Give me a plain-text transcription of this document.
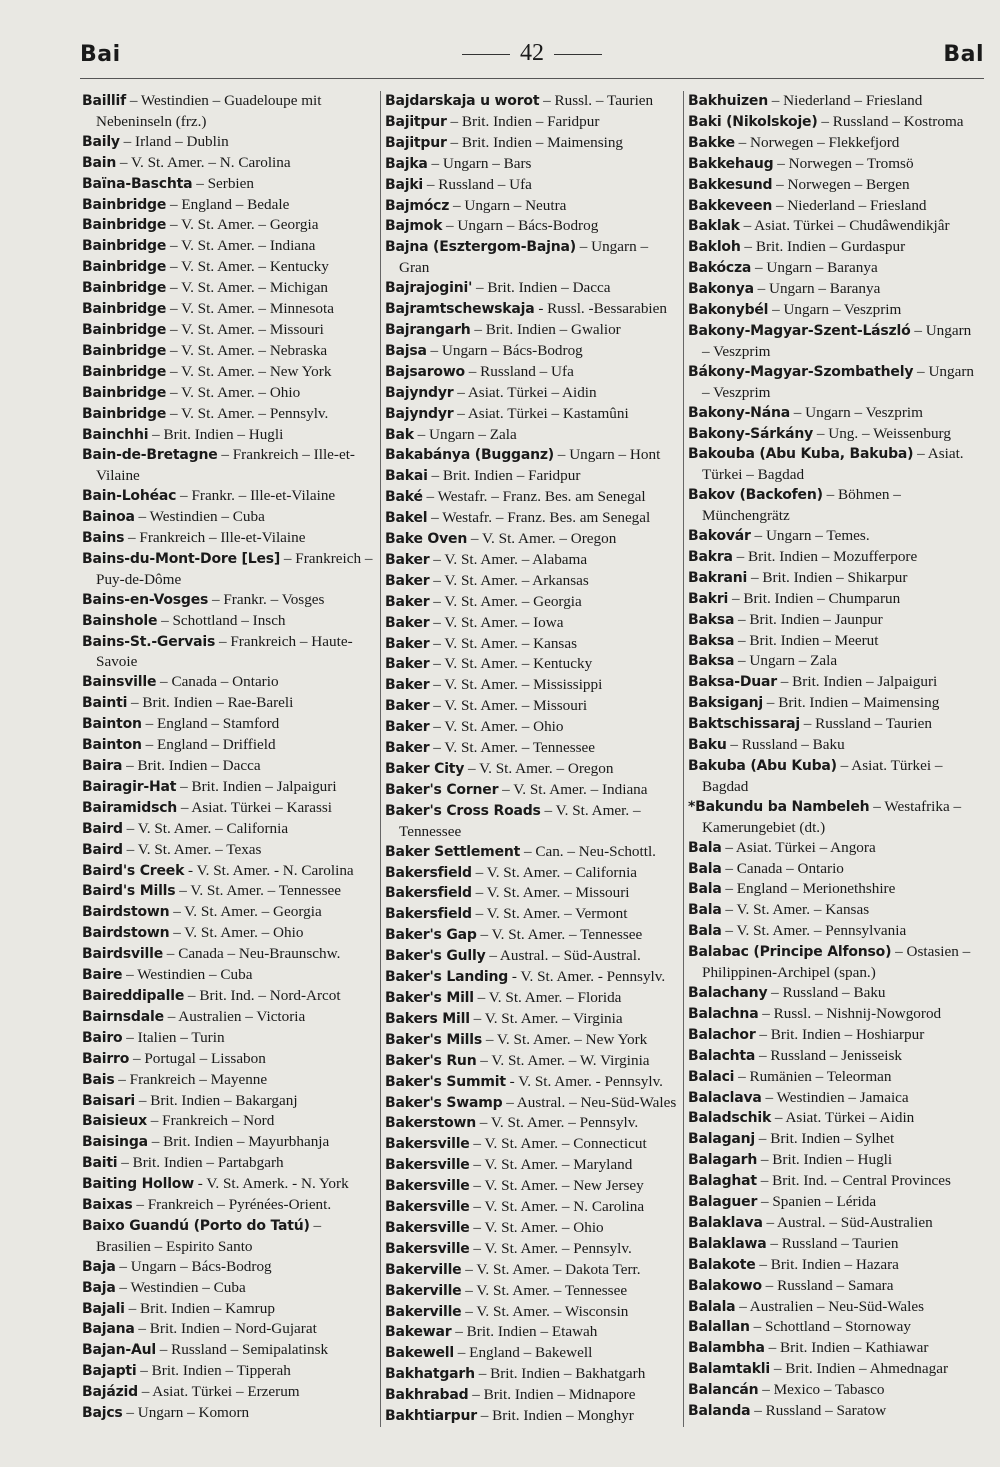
Bai	42	Bal
Baillif – Westindien – Guadeloupe mit Nebeninseln (frz.)
Baily – Irland – Dublin
Bain – V. St. Amer. – N. Carolina
Baïna-Baschta – Serbien
Bainbridge – England – Bedale
Bainbridge – V. St. Amer. – Georgia
Bainbridge – V. St. Amer. – Indiana
Bainbridge – V. St. Amer. – Kentucky
Bainbridge – V. St. Amer. – Michigan
Bainbridge – V. St. Amer. – Minnesota
Bainbridge – V. St. Amer. – Missouri
Bainbridge – V. St. Amer. – Nebraska
Bainbridge – V. St. Amer. – New York
Bainbridge – V. St. Amer. – Ohio
Bainbridge – V. St. Amer. – Pennsylv.
Bainchhi – Brit. Indien – Hugli
Bain-de-Bretagne – Frankreich – Ille-et-Vilaine
Bain-Lohéac – Frankr. – Ille-et-Vilaine
Bainoa – Westindien – Cuba
Bains – Frankreich – Ille-et-Vilaine
Bains-du-Mont-Dore [Les] – Frankreich – Puy-de-Dôme
Bains-en-Vosges – Frankr. – Vosges
Bainshole – Schottland – Insch
Bains-St.-Gervais – Frankreich – Haute-Savoie
Bainsville – Canada – Ontario
Bainti – Brit. Indien – Rae-Bareli
Bainton – England – Stamford
Bainton – England – Driffield
Baira – Brit. Indien – Dacca
Bairagir-Hat – Brit. Indien – Jalpaiguri
Bairamidsch – Asiat. Türkei – Karassi
Baird – V. St. Amer. – California
Baird – V. St. Amer. – Texas
Baird's Creek - V. St. Amer. - N. Carolina
Baird's Mills – V. St. Amer. – Tennessee
Bairdstown – V. St. Amer. – Georgia
Bairdstown – V. St. Amer. – Ohio
Bairdsville – Canada – Neu-Braunschw.
Baire – Westindien – Cuba
Baireddipalle – Brit. Ind. – Nord-Arcot
Bairnsdale – Australien – Victoria
Bairo – Italien – Turin
Bairro – Portugal – Lissabon
Bais – Frankreich – Mayenne
Baisari – Brit. Indien – Bakarganj
Baisieux – Frankreich – Nord
Baisinga – Brit. Indien – Mayurbhanja
Baiti – Brit. Indien – Partabgarh
Baiting Hollow - V. St. Amerk. - N. York
Baixas – Frankreich – Pyrénées-Orient.
Baixo Guandú (Porto do Tatú) – Brasilien – Espirito Santo
Baja – Ungarn – Bács-Bodrog
Baja – Westindien – Cuba
Bajali – Brit. Indien – Kamrup
Bajana – Brit. Indien – Nord-Gujarat
Bajan-Aul – Russland – Semipalatinsk
Bajapti – Brit. Indien – Tipperah
Bajázid – Asiat. Türkei – Erzerum
Bajcs – Ungarn – Komorn
Bajdarskaja u worot – Russl. – Taurien
Bajitpur – Brit. Indien – Faridpur
Bajitpur – Brit. Indien – Maimensing
Bajka – Ungarn – Bars
Bajki – Russland – Ufa
Bajmócz – Ungarn – Neutra
Bajmok – Ungarn – Bács-Bodrog
Bajna (Esztergom-Bajna) – Ungarn – Gran
Bajrajogini' – Brit. Indien – Dacca
Bajramtschewskaja - Russl. -Bessarabien
Bajrangarh – Brit. Indien – Gwalior
Bajsa – Ungarn – Bács-Bodrog
Bajsarowo – Russland – Ufa
Bajyndyr – Asiat. Türkei – Aidin
Bajyndyr – Asiat. Türkei – Kastamûni
Bak – Ungarn – Zala
Bakabánya (Bugganz) – Ungarn – Hont
Bakai – Brit. Indien – Faridpur
Baké – Westafr. – Franz. Bes. am Senegal
Bakel – Westafr. – Franz. Bes. am Senegal
Bake Oven – V. St. Amer. – Oregon
Baker – V. St. Amer. – Alabama
Baker – V. St. Amer. – Arkansas
Baker – V. St. Amer. – Georgia
Baker – V. St. Amer. – Iowa
Baker – V. St. Amer. – Kansas
Baker – V. St. Amer. – Kentucky
Baker – V. St. Amer. – Mississippi
Baker – V. St. Amer. – Missouri
Baker – V. St. Amer. – Ohio
Baker – V. St. Amer. – Tennessee
Baker City – V. St. Amer. – Oregon
Baker's Corner – V. St. Amer. – Indiana
Baker's Cross Roads – V. St. Amer. – Tennessee
Baker Settlement – Can. – Neu-Schottl.
Bakersfield – V. St. Amer. – California
Bakersfield – V. St. Amer. – Missouri
Bakersfield – V. St. Amer. – Vermont
Baker's Gap – V. St. Amer. – Tennessee
Baker's Gully – Austral. – Süd-Austral.
Baker's Landing - V. St. Amer. - Pennsylv.
Baker's Mill – V. St. Amer. – Florida
Bakers Mill – V. St. Amer. – Virginia
Baker's Mills – V. St. Amer. – New York
Baker's Run – V. St. Amer. – W. Virginia
Baker's Summit - V. St. Amer. - Pennsylv.
Baker's Swamp – Austral. – Neu-Süd-Wales
Bakerstown – V. St. Amer. – Pennsylv.
Bakersville – V. St. Amer. – Connecticut
Bakersville – V. St. Amer. – Maryland
Bakersville – V. St. Amer. – New Jersey
Bakersville – V. St. Amer. – N. Carolina
Bakersville – V. St. Amer. – Ohio
Bakersville – V. St. Amer. – Pennsylv.
Bakerville – V. St. Amer. – Dakota Terr.
Bakerville – V. St. Amer. – Tennessee
Bakerville – V. St. Amer. – Wisconsin
Bakewar – Brit. Indien – Etawah
Bakewell – England – Bakewell
Bakhatgarh – Brit. Indien – Bakhatgarh
Bakhrabad – Brit. Indien – Midnapore
Bakhtiarpur – Brit. Indien – Monghyr
Bakhuizen – Niederland – Friesland
Baki (Nikolskoje) – Russland – Kostroma
Bakke – Norwegen – Flekkefjord
Bakkehaug – Norwegen – Tromsö
Bakkesund – Norwegen – Bergen
Bakkeveen – Niederland – Friesland
Baklak – Asiat. Türkei – Chudâwendikjâr
Bakloh – Brit. Indien – Gurdaspur
Bakócza – Ungarn – Baranya
Bakonya – Ungarn – Baranya
Bakonybél – Ungarn – Veszprim
Bakony-Magyar-Szent-László – Ungarn – Veszprim
Bákony-Magyar-Szombathely – Ungarn – Veszprim
Bakony-Nána – Ungarn – Veszprim
Bakony-Sárkány – Ung. – Weissenburg
Bakouba (Abu Kuba, Bakuba) – Asiat. Türkei – Bagdad
Bakov (Backofen) – Böhmen – Münchengrätz
Bakovár – Ungarn – Temes.
Bakra – Brit. Indien – Mozufferpore
Bakrani – Brit. Indien – Shikarpur
Bakri – Brit. Indien – Chumparun
Baksa – Brit. Indien – Jaunpur
Baksa – Brit. Indien – Meerut
Baksa – Ungarn – Zala
Baksa-Duar – Brit. Indien – Jalpaiguri
Baksiganj – Brit. Indien – Maimensing
Baktschissaraj – Russland – Taurien
Baku – Russland – Baku
Bakuba (Abu Kuba) – Asiat. Türkei – Bagdad
*Bakundu ba Nambeleh – Westafrika – Kamerungebiet (dt.)
Bala – Asiat. Türkei – Angora
Bala – Canada – Ontario
Bala – England – Merionethshire
Bala – V. St. Amer. – Kansas
Bala – V. St. Amer. – Pennsylvania
Balabac (Principe Alfonso) – Ostasien – Philippinen-Archipel (span.)
Balachany – Russland – Baku
Balachna – Russl. – Nishnij-Nowgorod
Balachor – Brit. Indien – Hoshiarpur
Balachta – Russland – Jenisseisk
Balaci – Rumänien – Teleorman
Balaclava – Westindien – Jamaica
Baladschik – Asiat. Türkei – Aidin
Balaganj – Brit. Indien – Sylhet
Balagarh – Brit. Indien – Hugli
Balaghat – Brit. Ind. – Central Provinces
Balaguer – Spanien – Lérida
Balaklava – Austral. – Süd-Australien
Balaklawa – Russland – Taurien
Balakote – Brit. Indien – Hazara
Balakowo – Russland – Samara
Balala – Australien – Neu-Süd-Wales
Balallan – Schottland – Stornoway
Balambha – Brit. Indien – Kathiawar
Balamtakli – Brit. Indien – Ahmednagar
Balancán – Mexico – Tabasco
Balanda – Russland – Saratow
